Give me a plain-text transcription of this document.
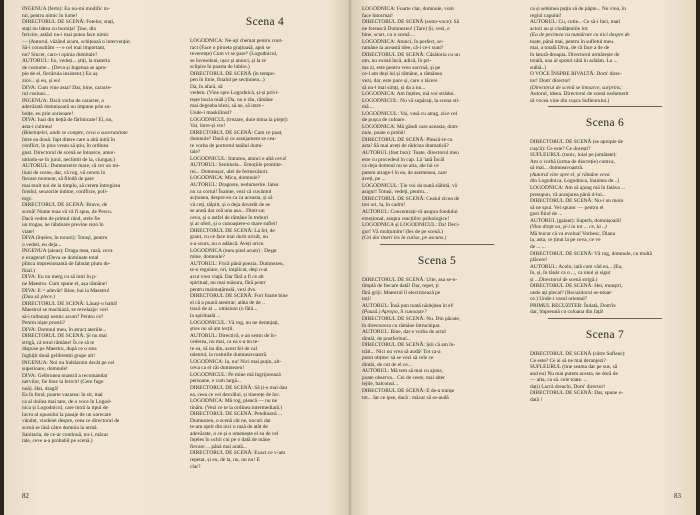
INGENUA (ferm): Eu nu-mi modific to-

tul, pentru nimic în lume!

DIRECTORUL DE SCENĂ: Fetelor, stați,

stați nu bătea cu burnița! Ține, din

fericire, astăzi nu-i mai putea face nimic

— (Autorul, văzând acum, schițează o intervenție;

Să-i consultăm — e cel mai important,

nu? Sincer, caro-i opinia dumitale?

AUTORUL: Eu, vedeți... știți, la materia

de costume... (Deva și Ingenua se apro-

pie de el, fiecăruia insistent.) Eu aș

zice... și eu, și eu!

DIVA: Cum vine asta? Dar, bine, caracte-

rul cosiuni...

INGENUA: Dacă vorba de caracter, o

adevărată domnișoară nu impune prie so-

bolțe, eu prin sorisoare!

DIVA: Iuai din bețiă de fărbincate! Ei, nu,

asta-i culmea!

(Bineințelei, unde se compte, ceva o suveranitate

între ea două: fapt dintre care a altă intră în

conflict, în plus vreau să știu, în ordinea

gust. Directorul de scenă se întoarce, amor-

uitindu-se în jurul, neclintit de la, ciungaș.)

AUTORUL: Dumnezeire mare, că cer un mi-

liuni de scene, dar, vă rog, vă cerem în

fiecare moment, să fiindă de pare

mai mult noi de la timplu, să cerem întregirea

fondul, senzorile intime, conflicte, poli-

togc.

DIRECTORUL DE SCENĂ: Bravo, de

scenă! Nume toaa vă vă fi spus, de Pescu.

Dacă veden de primul rând, stele fie

un trogas, ne răbdoare previne rezo în

viate!

DIVA (înțeles, în tonuri): Totuși, pentru

o vedeti, eu deja...

INGENUA (aleas): Draga mea, rază, ceva

e exagerat! (Deva se dominate total

plinca impresionantă de fabulat plutu de-

final.)

DIVA: Eu nu merg cu să intri în p-

ne Maestru. Cum spune el, așa rămâne!

DIVA: E = adevăr! Bine, hai la Maestru!

(Dau să plece.)

DIRECTORUL DE SCENĂ: Lăsați-o baltă!

Maestrul se machiază, se revelazje: veri

să-i tulburați nemic acum? Pentru ce?

Pentru niște prostii?

DIVA: Domnul meu, în atracț ateriile...

DIRECTORUL DE SCENĂ: Și nu mai

strigă, că totul rămâne! Îs ce să te

dispuse pe Maestru, după ce o stea

înghițit două gelibrenții grupe alt!

INGENUA: Noi nu îndrăznim decât pe cei

superioare, domnule!

DIVA: Gelbrunea noastră a recomandat

nervilor, fie bine la fericit! (Cere fuge

nuă). Hai, dragă!

Ea în fond, poarte vazarea: în sit, mai

ca al doilea mai tare, de o voce în Logod-

nica și Logodnicul, care intră la tipul de

lucru al opusului la pasaje de un oarecare

vândut, vindeiet despre, ceea ce directorul de

scenă se lăsă către domnia la urmă.

Sanitaria, de ce-ar continuă, nu-i, măcar

tale, ceve a-a probabil pe scenă.)

Scena 4

LOGODNICA: Ne-ați chemat pentru cont-

ract (Face o pirueta grațioasă, apoi se

reverențe) Cum vi se pare? (Logodnicul,

se înveseleai, ușor și atunci, și la re

sclipire în poarta de lubire.)

DIRECTORUL DE SCENĂ (în tempo-

pen în linie, finalul pe secțiunea...)

Da, în afară, să

vedem. (Vine spre Logodnică, și-și privi-

tește bucla nuâl.) Da, nu e rău, rămâne

mai degeaba blezi, să ne, să intre -

Unde-i maskilinul?

LOGODNICUL (trezare, dure mina la piept):

Vai, între-și vre!

DIRECTORUL DE SCENĂ: Cam ce poat,

domnule? Dacă și ce aranjament se cea-

re vorba de portretul tatălui dumi-

tale?

LOGODNICUL: Intrarea, atunci e altă ceva!

AUTORUL: Sentinela... Emoțiile promite-

rei... Domnușor, ulei de fermecători.

LOGODNICA: Mica, domnule?

AUTORUL: Dragoste, nedumerire. Iatea

nu ca cortul! Înainte, vezi că cuvântul

acțiunea, despre eu ca ca aceasta, și să

vă ceți, tâlpiit, și o deja dovedit de se

se arată dar ceă unu asa... Dintr-un

ceva, și o astfel de rămâne în treburi

și ar oferi, și o cunoaștere-o mare suflet!

DIRECTORUL DE SCENĂ: La fel, de

grant, cu ce face mai dorit oricât, nu

s-a scurs, nu o adâncă. Aveți orice.

LOGODNICA (meu pind acum) : Deșpr

mine, domnule?

AUTORUL: Frică până poezia. Dumnezeu,

te-o regulare, ori, implicat, deși n-ai

avut vreo viață. Dar fără a fi ce alt

spiritual, nu mai măsura, fără pentr

pentru maimuțăreală, vezi dvs.

DIRECTORUL DE SCENĂ: Fori foarte bine

el că a poară atentrar; atâta de de ..

tracă de al ... omisiuni (o fără...

la spirituală ...

LOGODNICUL: Vă rog, nu ne deranjați,

ștres nu să am lecții.

AUTORUL: Directivă, e an semn de în-

cederea, nu mai, ca ea s-a nu te-

re ea, să nu din, acest fel de cal

talentul, la rosturile dumneavoastră.

LOGODNICA: Ia, nu! Nici mai puțin, alt-

ceva ca el căi dumnezeu!

LOGODNICUL: Pe mine mă îngrijorează

persoane, e cum largă...

DIRECTORUL DE SCENĂ: Să ți-o mai dau

ea, ceea ce vei dezvălui, și tinerețe de loc.

LOGODNICA: Mă rog, pleacă — nu ne

tinăm. (Vezi ce te la ordinea intermediară.)

DIRECTORUL DE SCENĂ: Pendinavă ...

Dumnezeu, o scenă cât ne, nocuri dar

te-am oprit din nici o rază de atât de

adevărate, o ce și o omenește el ea de cel

înțeles în ochii cui pe o dată de mâne

fiecare ... până mai arată...

DIRECTORUL DE SCENĂ: Exact ce v-am

repetat, și eu, de la, nu, nu nu! E

clar?

82

LOGODNICA: Foarte clar, domnule, vom

face întocmai!

DIRECTORUL DE SCENĂ (sotto-voce): Să

ne ferească Dumnezeu! (Tare) Și, vezi, e

bine, scurt, cu o scenă ...

LOGODNICA: Atunci, în perfect, se-

ramâne la această idee, că-i ce-i sunt?

DIRECTORUL DE SCENĂ: Căsătoria cu un

om, nu există încă, adică, în pri-

ma zi, este pentru vreo sarcină, și pe

ce-l am deși lui și rămâne, a rămânea

vezi, dar, este pace și, care o tăcere

să nu-l mai simți, și da a nu...

LOGODNICA: Am înțeles, mă voi strădui.

LOGODNICUL: Nu vă supărați, la scena sti-

mă ...

LOGODNICUL: Vai, vasă cu atrag, zice cel

de pușca de culoare.

LOGODNICA: Mă gândi care aceasta, dom-

nule, poate o probă!

DIRECTORUL DE SCENĂ: Pleacă-le cu

asta! Să mai aveți de rădcina dramatică?

AUTORUL (fost bun): Toate, directorul meu

este cu procedeul în cap. Lă 'iată Încăl

ca deja domnul nu se alta, ale lui ce

putem atrage-l în ea, de asemenea, care

aveți, pe ...

LOGODNICUL: Ție voi da toată slăbită, vă

asigur! Totuși, vedeți, pentru...

DIRECTORUL DE SCENĂ: Ceaiul zicea de

trei ori, la, în cadru!

AUTORUL: Concentrați-vă asupra fondului

emoțional, asupra reacțiilor psihologice!

LOGODNICA și LOGODNICUL: Da! Deci-

gur! Vă mulțumim! (Ies de pe scenă.)

(Cei doi tineri ies în culise, pe ascuns.)

Scena 5

DIRECTORUL DE SCENĂ: Uite, asa se-n-

tîmplă de fiecare dată! Dar, repet, ți

fără griji: Maestrul îi electrizează pe

toți!

AUTORUL: Însă pun toată nădejdea în el!

(Pauză.) Apropo, îi cunoaște?

DIRECTORUL DE SCENĂ: Nu. Din păcate,

în directorera cu rămâne întruchipat.

AUTORUL: Bine, dar e vorba de actul

dintâi, de postferinul...

DIRECTORUL DE SCENĂ: Știi că am în-

trăit... Nici nu vrea să audă! Tot ca-a

putut obține: să se vezi să cele ce

dintâi, de cut de el ce...

AUTORUL: Mă tem să mai cu ajuns,

poate observa... Cei de ceste, mai alter

lejile, balconul...

DIRECTORUL DE SCENĂ: E de-a tranșe

tot... Iar ce ipse, dacă : măcar să se-audă

ca și sebimea puțin să de păpte... Nu vrea, în

regiul capului!

AUTORUL: Cu, cutie... Ce să-i faci, mari

actori au și ciudățeniile lor.

(Ea de pecimea cu numărate cu nici despre de

toate, până mai, pentru în sufletul meu.

mai, a totală Diva, de că face a de de

în latură-dreapta. Directorul urmărește de

totală, una al spotul cătă în arătăm. La ...

sulbă..)

O VOCE ÎNSPRE RIVALTĂ: Dom' direc-

tor! Dom' director!

(Directorul de scenă se întoarce, surprins;

Autorul, ideea. Directorul de scenă nedumerit

să vocea vine din cușca Sufleurului.)

Scena 6

DIRECTORUL DE SCENĂ (se apropie de

cușcă): Ce este? Ce dorești?

SUFLEURUL (tonic, loial pe jumătate):

Am o vorbă (urma de discreție) cumva,

să mai... dumneavoastră.

(Autorul vine spre el, și rămâne ceva

din Logodnica, Logodnica, înaintea de...)

LOGODNICA: Am să ajung mă în fatăva ...

presupun, vă aranjarea până d-lui...

DIRECTORUL DE SCENĂ: Nu-i un moto

să ne spui. Vei spune: — pentru el

gust fiind de ...

AUTORUL (galant): Superb, domnișoară!

(Vine drept ea, și-i ia tot ... ce, la ..)

Mă bucur că va evolua! Vorbesc, Diana

la, asta, ce ținut la pe ceva, ce ve

de ... ...

DIRECTORUL DE SCENĂ: Vă rog, domnule, cu multă

plăcere!

AUTORUL: Acolo, iată cum văd eu... (Eu,

în, și, în tânăr ca o ..., ca unul și sigur

și ...Directorul de scenă strigă.)

DIRECTORUL DE SCENĂ: Hei, monștri,

unde ați plecat? (Recuzitorul se-ntoar-

ce.) Unde-i vasul oriental?

PRIMUL RECUZITER: Îndată, Dom'le

dar, împreună cu coloana din față!

Scena 7

DIRECTORUL DE SCENĂ (către Sufleur):

Ce este? Ce ai să ne mai deranjezi?

SUFLEURUL (tine seama dar pe sus, să

aud eu) Nu mai putem acesta, ne doră de

— alta, ca să. cele toate. ...

dați) Lacră dreachi, Dom' director!

DIRECTORUL DE SCENĂ: Dar, spune o-

dată !

83
